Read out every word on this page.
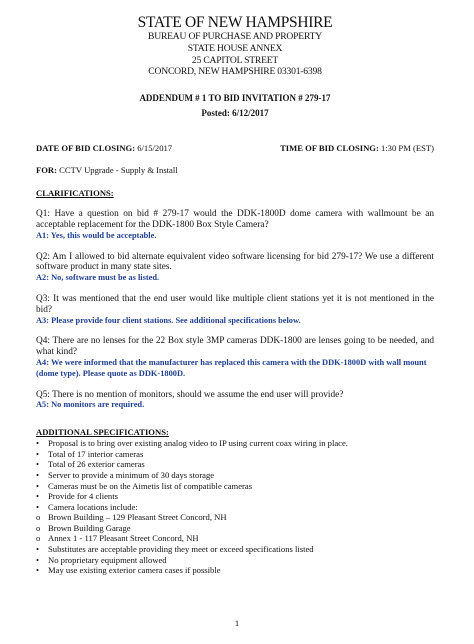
STATE OF NEW HAMPSHIRE
BUREAU OF PURCHASE AND PROPERTY
STATE HOUSE ANNEX
25 CAPITOL STREET
CONCORD, NEW HAMPSHIRE 03301-6398
ADDENDUM # 1 TO BID INVITATION # 279-17
Posted: 6/12/2017
DATE OF BID CLOSING: 6/15/2017	TIME OF BID CLOSING: 1:30 PM (EST)
FOR: CCTV Upgrade - Supply & Install
CLARIFICATIONS:
Q1: Have a question on bid # 279-17 would the DDK-1800D dome camera with wallmount be an acceptable replacement for the DDK-1800 Box Style Camera?
A1: Yes, this would be acceptable.
Q2: Am I allowed to bid alternate equivalent video software licensing for bid 279-17? We use a different software product in many state sites.
A2: No, software must be as listed.
Q3: It was mentioned that the end user would like multiple client stations yet it is not mentioned in the bid?
A3: Please provide four client stations. See additional specifications below.
Q4: There are no lenses for the 22 Box style 3MP cameras DDK-1800 are lenses going to be needed, and what kind?
A4: We were informed that the manufacturer has replaced this camera with the DDK-1800D with wall mount (dome type). Please quote as DDK-1800D.
Q5: There is no mention of monitors, should we assume the end user will provide?
A5: No monitors are required.
ADDITIONAL SPECIFICATIONS:
•	Proposal is to bring over existing analog video to IP using current coax wiring in place.
•	Total of 17 interior cameras
•	Total of 26 exterior cameras
•	Server to provide a minimum of 30 days storage
•	Cameras must be on the Aimetis list of compatible cameras
•	Provide for 4 clients
•	Camera locations include:
o Brown Building – 129 Pleasant Street Concord, NH
o Brown Building Garage
o Annex 1 - 117 Pleasant Street Concord, NH
•	Substitutes are acceptable providing they meet or exceed specifications listed
•	No proprietary equipment allowed
•	May use existing exterior camera cases if possible
1
